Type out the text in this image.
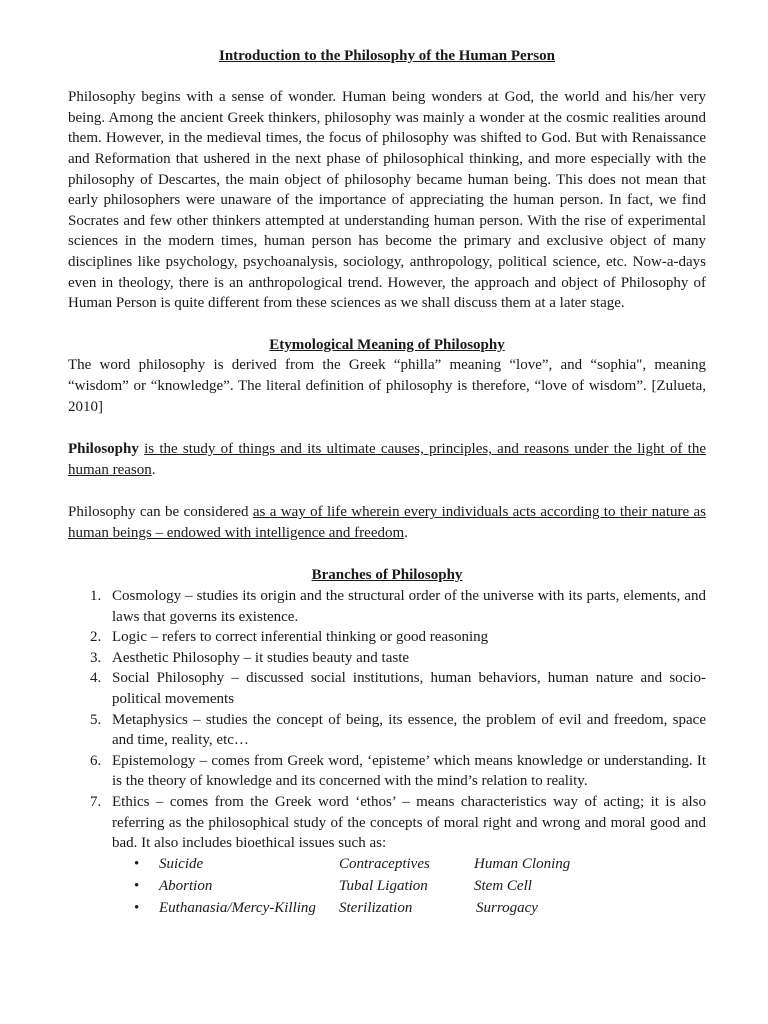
Introduction to the Philosophy of the Human Person

Philosophy begins with a sense of wonder. Human being wonders at God, the world and his/her very being. Among the ancient Greek thinkers, philosophy was mainly a wonder at the cosmic realities around them. However, in the medieval times, the focus of philosophy was shifted to God. But with Renaissance and Reformation that ushered in the next phase of philosophical thinking, and more especially with the philosophy of Descartes, the main object of philosophy became human being. This does not mean that early philosophers were unaware of the importance of appreciating the human person. In fact, we find Socrates and few other thinkers attempted at understanding human person. With the rise of experimental sciences in the modern times, human person has become the primary and exclusive object of many disciplines like psychology, psychoanalysis, sociology, anthropology, political science, etc. Now-a-days even in theology, there is an anthropological trend. However, the approach and object of Philosophy of Human Person is quite different from these sciences as we shall discuss them at a later stage.

Etymological Meaning of Philosophy

The word philosophy is derived from the Greek “philla” meaning “love”, and “sophia", meaning “wisdom” or “knowledge”. The literal definition of philosophy is therefore, “love of wisdom”. [Zulueta, 2010]

Philosophy is the study of things and its ultimate causes, principles, and reasons under the light of the human reason.

Philosophy can be considered as a way of life wherein every individuals acts according to their nature as human beings – endowed with intelligence and freedom.

Branches of Philosophy
1. Cosmology – studies its origin and the structural order of the universe with its parts, elements, and laws that governs its existence.
2. Logic – refers to correct inferential thinking or good reasoning
3. Aesthetic Philosophy – it studies beauty and taste
4. Social Philosophy – discussed social institutions, human behaviors, human nature and socio-political movements
5. Metaphysics – studies the concept of being, its essence, the problem of evil and freedom, space and time, reality, etc…
6. Epistemology – comes from Greek word, ‘episteme’ which means knowledge or understanding. It is the theory of knowledge and its concerned with the mind’s relation to reality.
7. Ethics – comes from the Greek word ‘ethos’ – means characteristics way of acting; it is also referring as the philosophical study of the concepts of moral right and wrong and moral good and bad. It also includes bioethical issues such as:
• Suicide	Contraceptives	Human Cloning
• Abortion	Tubal Ligation	Stem Cell
• Euthanasia/Mercy-Killing Sterilization	Surrogacy
